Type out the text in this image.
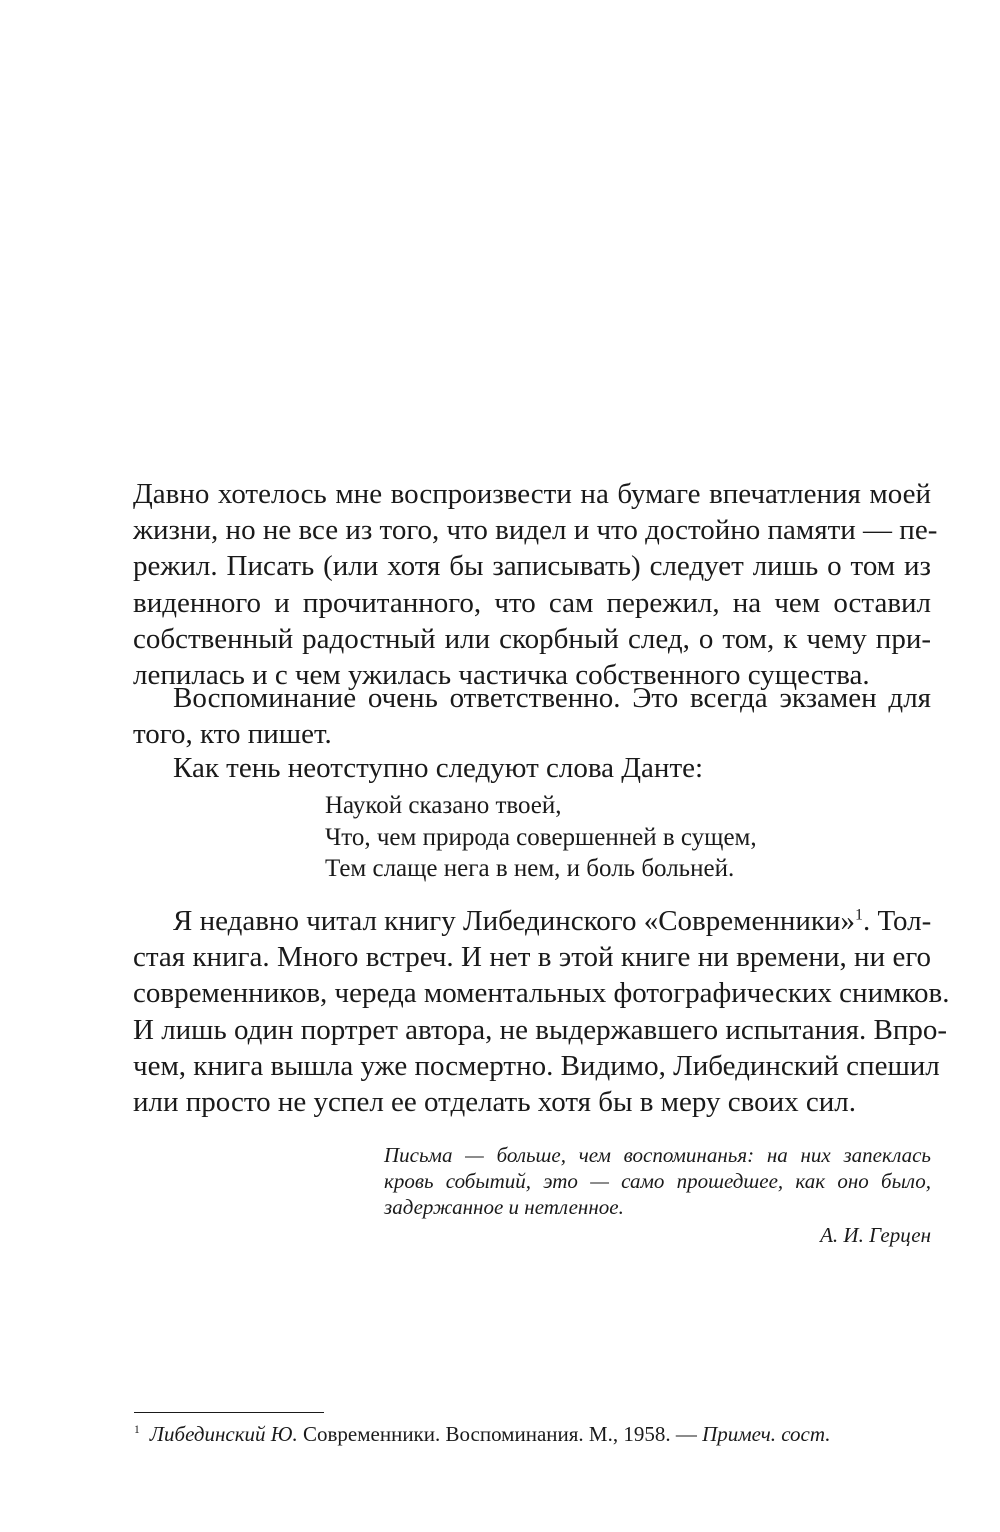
Давно хотелось мне воспроизвести на бумаге впечатления моей
жизни, но не все из того, что видел и что достойно памяти — пе-
режил. Писать (или хотя бы записывать) следует лишь о том из
виденного и прочитанного, что сам пережил, на чем оставил
собственный радостный или скорбный след, о том, к чему при-
лепилась и с чем ужилась частичка собственного существа.
Воспоминание очень ответственно. Это всегда экзамен для
того, кто пишет.
Как тень неотступно следуют слова Данте:
Наукой сказано твоей,
Что, чем природа совершенней в сущем,
Тем слаще нега в нем, и боль больней.
Я недавно читал книгу Либединского «Современники»$^1$. Тол-
стая книга. Много встреч. И нет в этой книге ни времени, ни его
современников, череда моментальных фотографических снимков.
И лишь один портрет автора, не выдержавшего испытания. Впро-
чем, книга вышла уже посмертно. Видимо, Либединский спешил
или просто не успел ее отделать хотя бы в меру своих сил.
Письма — больше, чем воспоминанья: на них запеклась
кровь событий, это — само прошедшее, как оно было,
задержанное и нетленное.
А. И. Герцен
$^1$ Либединский Ю. Современники. Воспоминания. М., 1958. — Примеч. сост.
